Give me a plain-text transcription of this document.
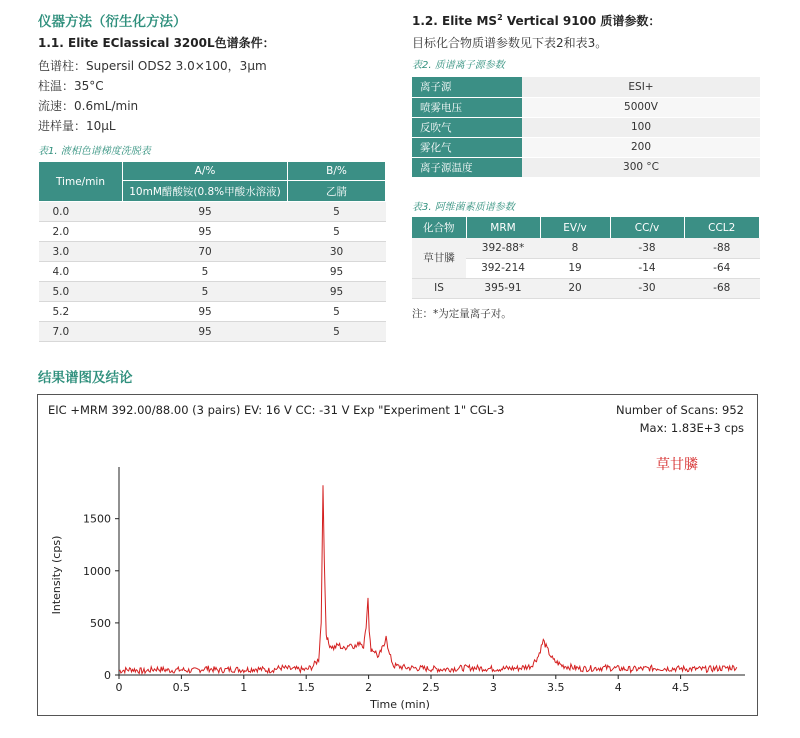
仪器方法（衍生化方法）
1.1. Elite EClassical 3200L色谱条件：
色谱柱：Supersil ODS2 3.0×100，3μm
柱温：35°C
流速：0.6mL/min
进样量：10μL
表1. 液相色谱梯度洗脱表
Time/min	A/%	B/%
	10mM醋酸铵(0.8%甲酸水溶液)	乙腈
0.0	95	5
2.0	95	5
3.0	70	30
4.0	5	95
5.0	5	95
5.2	95	5
7.0	95	5
1.2. Elite $MS^2$ Vertical 9100 质谱参数：
目标化合物质谱参数见下表2和表3。
表2. 质谱离子源参数
离子源	ESI+
喷雾电压	5000V
反吹气	100
雾化气	200
离子源温度	300 °C
表3. 阿维菌素质谱参数
化合物	MRM	EV/v	CC/v	CCL2
草甘膦	392-88*	8	-38	-88
	392-214	19	-14	-64
IS	395-91	20	-30	-68
注：*为定量离子对。
结果谱图及结论
EIC +MRM 392.00/88.00 (3 pairs) EV: 16 V CC: -31 V Exp "Experiment 1" CGL-3	Number of Scans: 952
Max: 1.83E+3 cps
草甘膦
Time (min)
Intensity (cps)
0	0.5	1	1.5	2	2.5	3	3.5	4	4.5
0
500
1000
1500
